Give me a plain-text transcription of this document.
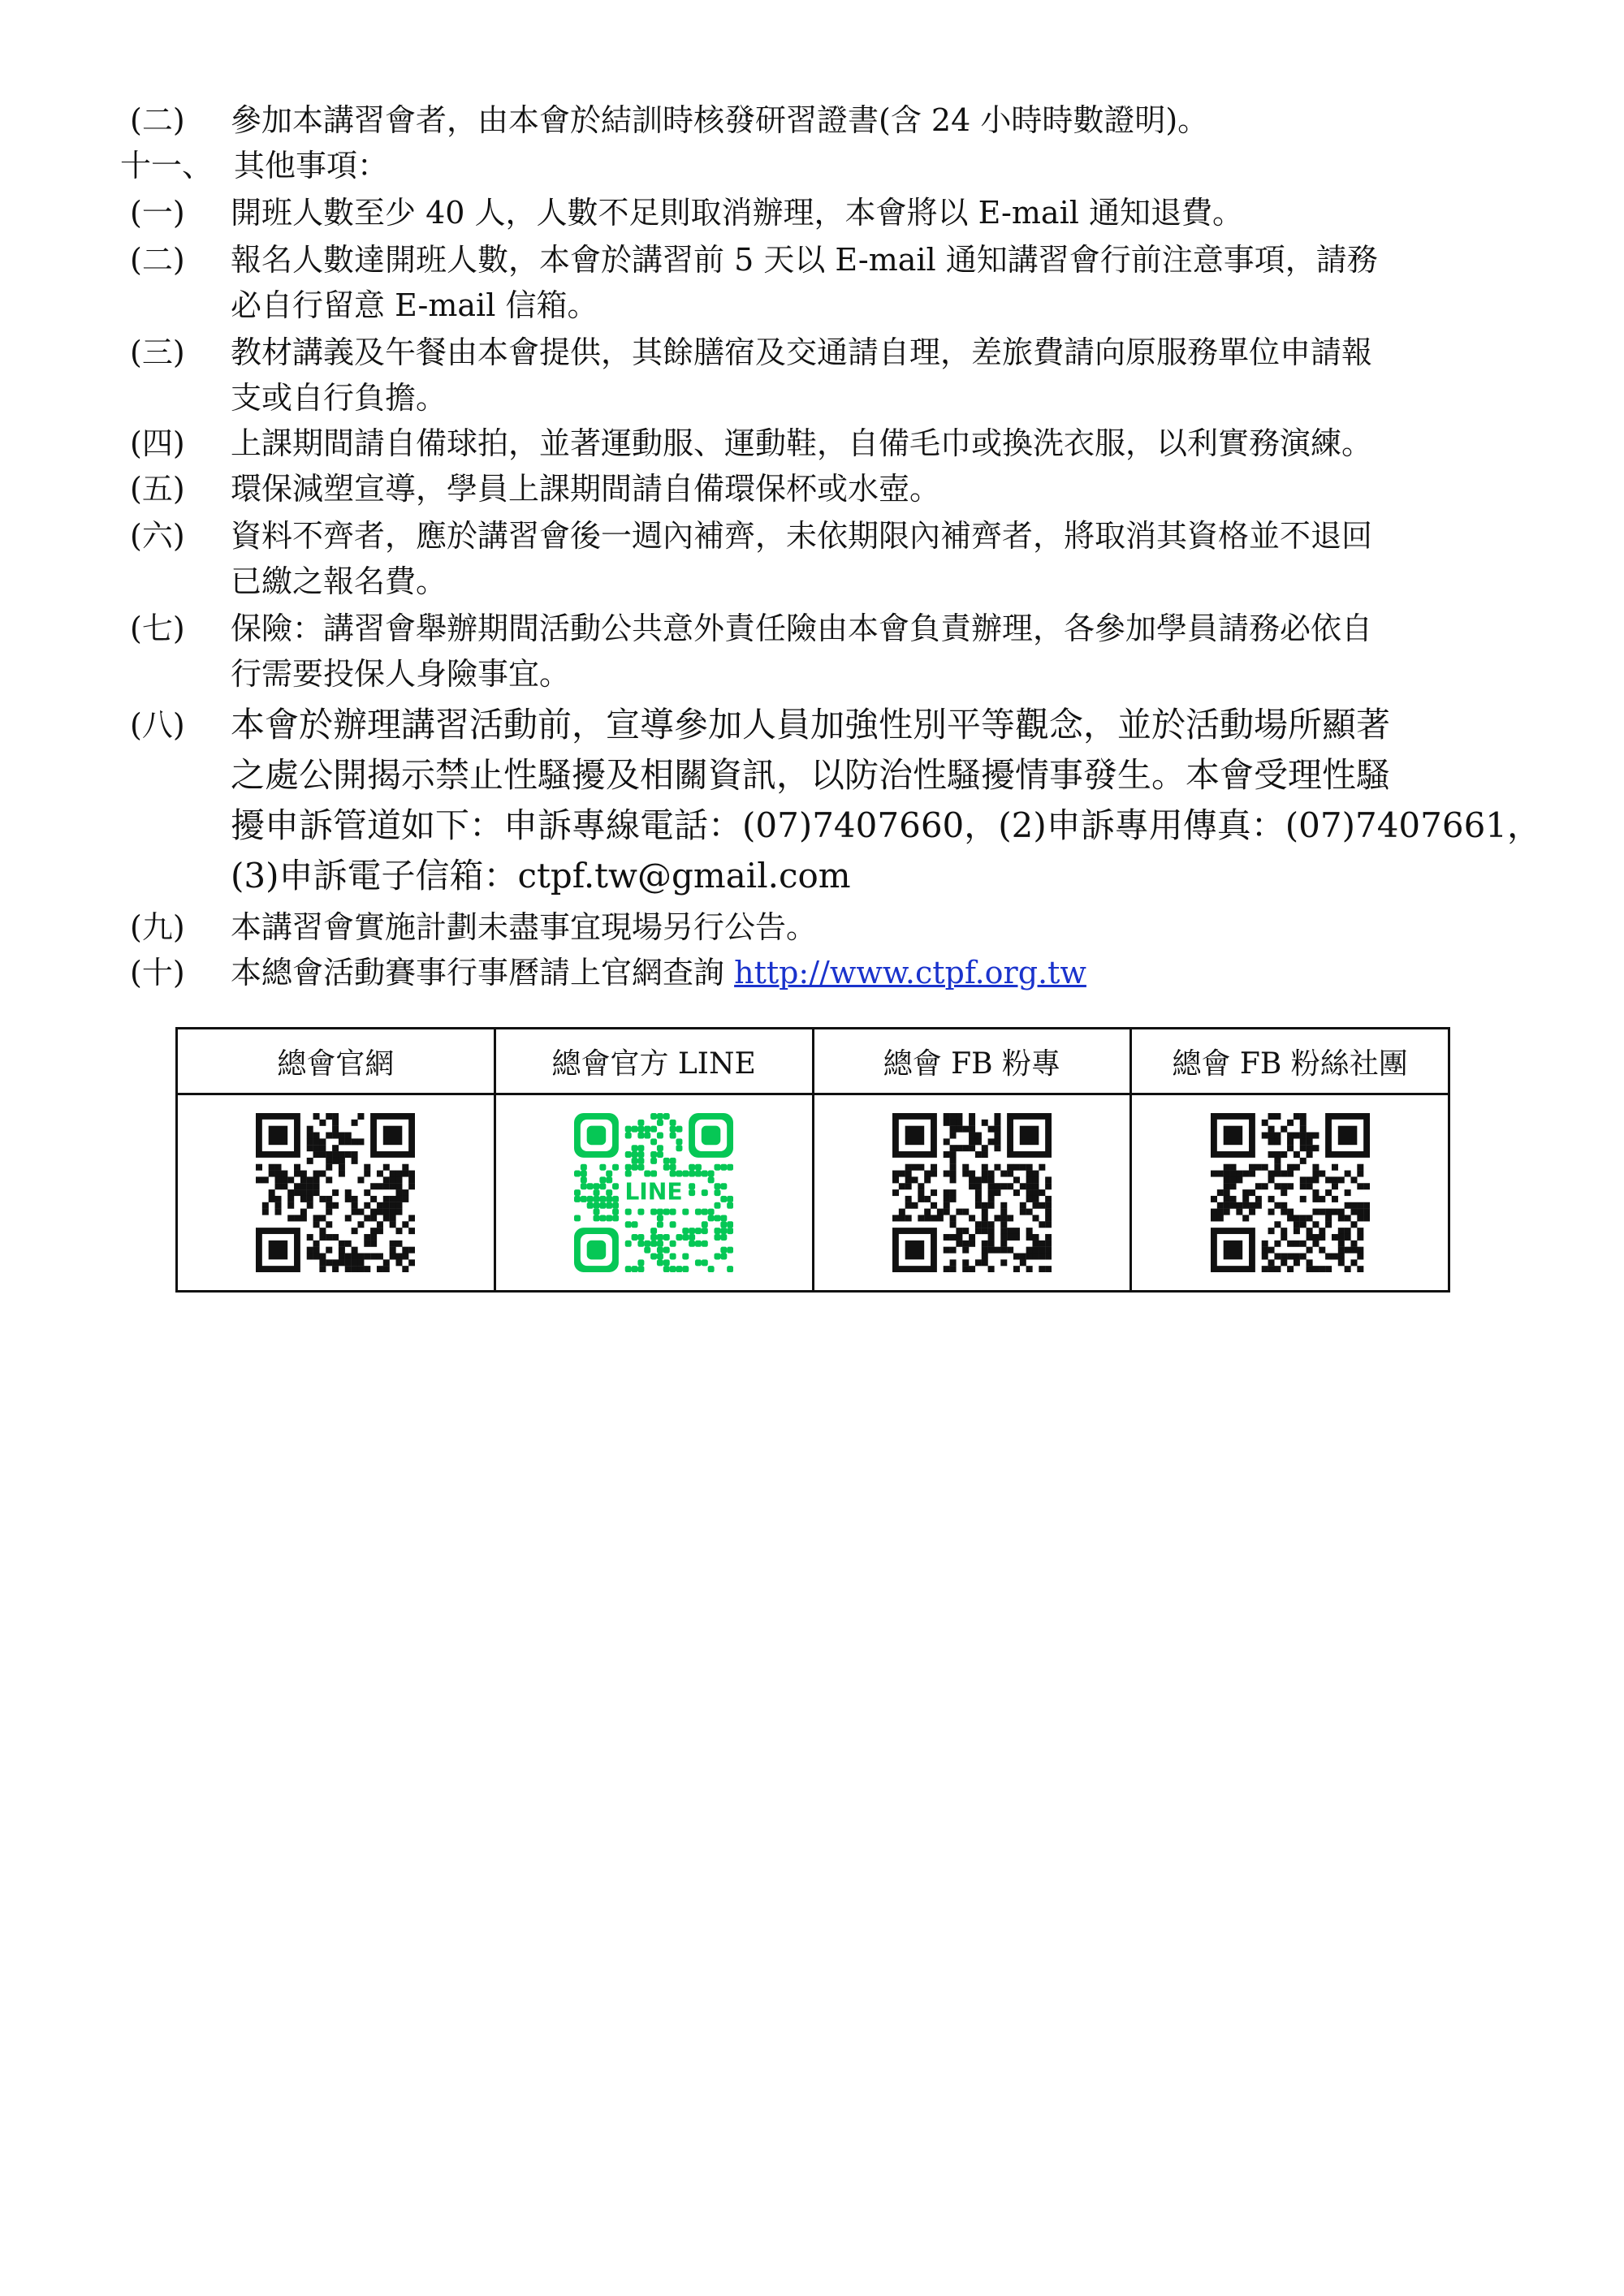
(二)	參加本講習會者，由本會於結訓時核發研習證書(含 24 小時時數證明)。
十一、 其他事項：
(一)	開班人數至少 40 人，人數不足則取消辦理，本會將以 E-mail 通知退費。
(二)	報名人數達開班人數，本會於講習前 5 天以 E-mail 通知講習會行前注意事項，請務
必自行留意 E-mail 信箱。
(三)	教材講義及午餐由本會提供，其餘膳宿及交通請自理，差旅費請向原服務單位申請報
支或自行負擔。
(四)	上課期間請自備球拍，並著運動服、運動鞋，自備毛巾或換洗衣服，以利實務演練。
(五)	環保減塑宣導，學員上課期間請自備環保杯或水壺。
(六)	資料不齊者，應於講習會後一週內補齊，未依期限內補齊者，將取消其資格並不退回
已繳之報名費。
(七)	保險：講習會舉辦期間活動公共意外責任險由本會負責辦理，各參加學員請務必依自
行需要投保人身險事宜。
(八)	本會於辦理講習活動前，宣導參加人員加強性別平等觀念，並於活動場所顯著
之處公開揭示禁止性騷擾及相關資訊，以防治性騷擾情事發生。本會受理性騷
擾申訴管道如下：申訴專線電話：(07)7407660，(2)申訴專用傳真：(07)7407661，
(3)申訴電子信箱：ctpf.tw@gmail.com
(九)	本講習會實施計劃未盡事宜現場另行公告。
(十)	本總會活動賽事行事曆請上官網查詢 http://www.ctpf.org.tw
總會官網	總會官方 LINE	總會 FB 粉專	總會 FB 粉絲社團

LINE
